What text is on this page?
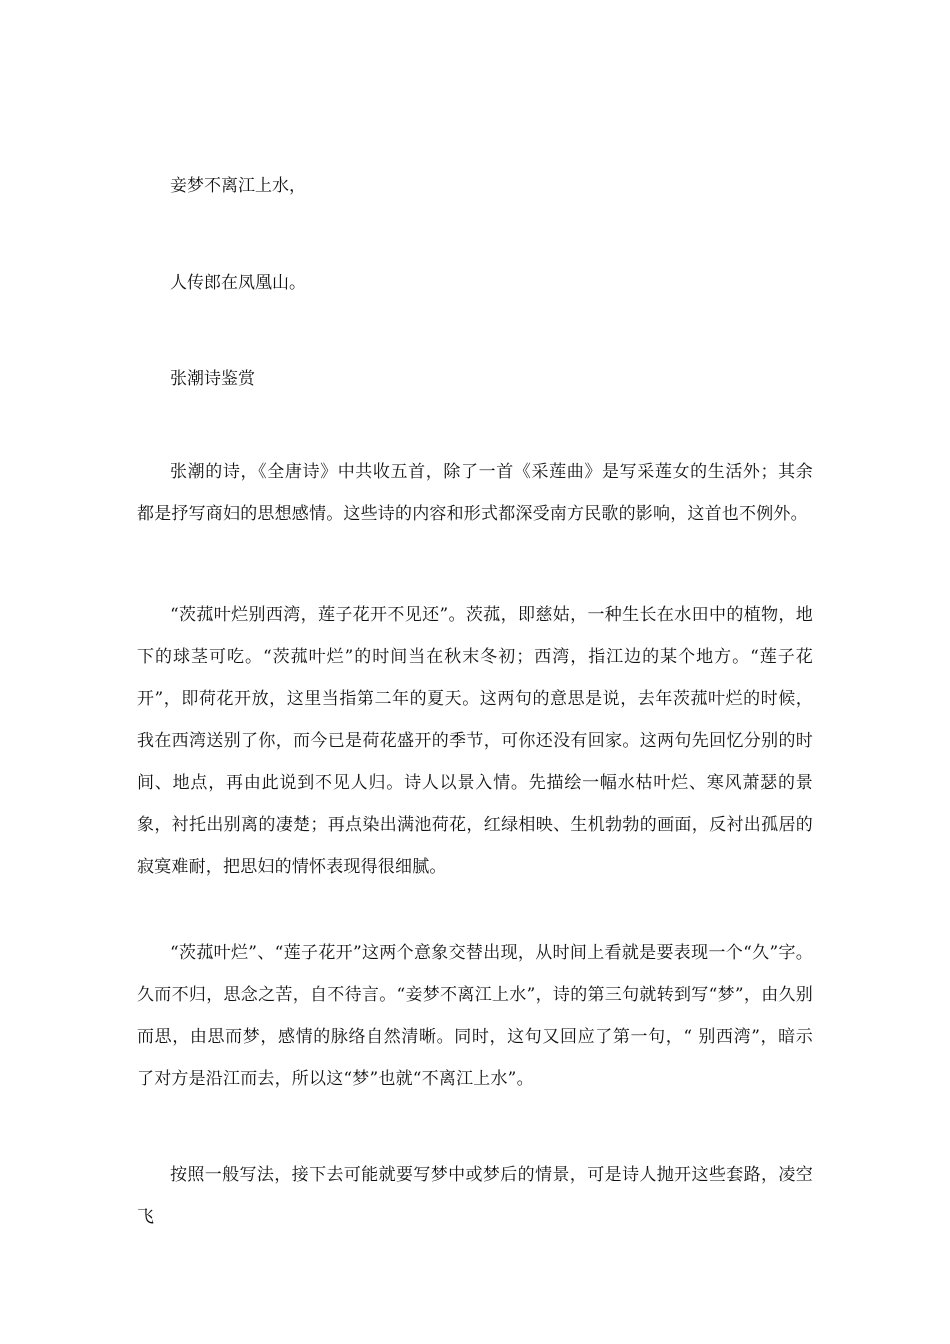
妾梦不离江上水，
人传郎在凤凰山。
张潮诗鉴赏

张潮的诗，《全唐诗》中共收五首，除了一首《采莲曲》是写采莲女的生活外；其余都是抒写商妇的思想感情。这些诗的内容和形式都深受南方民歌的影响，这首也不例外。

“茨菰叶烂别西湾，莲子花开不见还”。茨菰，即慈姑，一种生长在水田中的植物，地下的球茎可吃。“茨菰叶烂”的时间当在秋末冬初；西湾，指江边的某个地方。“莲子花开”，即荷花开放，这里当指第二年的夏天。这两句的意思是说，去年茨菰叶烂的时候，我在西湾送别了你，而今已是荷花盛开的季节，可你还没有回家。这两句先回忆分别的时间、地点，再由此说到不见人归。诗人以景入情。先描绘一幅水枯叶烂、寒风萧瑟的景象，衬托出别离的凄楚；再点染出满池荷花，红绿相映、生机勃勃的画面，反衬出孤居的寂寞难耐，把思妇的情怀表现得很细腻。

“茨菰叶烂”、“莲子花开”这两个意象交替出现，从时间上看就是要表现一个“久”字。久而不归，思念之苦，自不待言。“妾梦不离江上水”，诗的第三句就转到写“梦”，由久别而思，由思而梦，感情的脉络自然清晰。同时，这句又回应了第一句，“ 别西湾”，暗示了对方是沿江而去，所以这“梦”也就“不离江上水”。

按照一般写法，接下去可能就要写梦中或梦后的情景，可是诗人抛开这些套路，凌空飞
